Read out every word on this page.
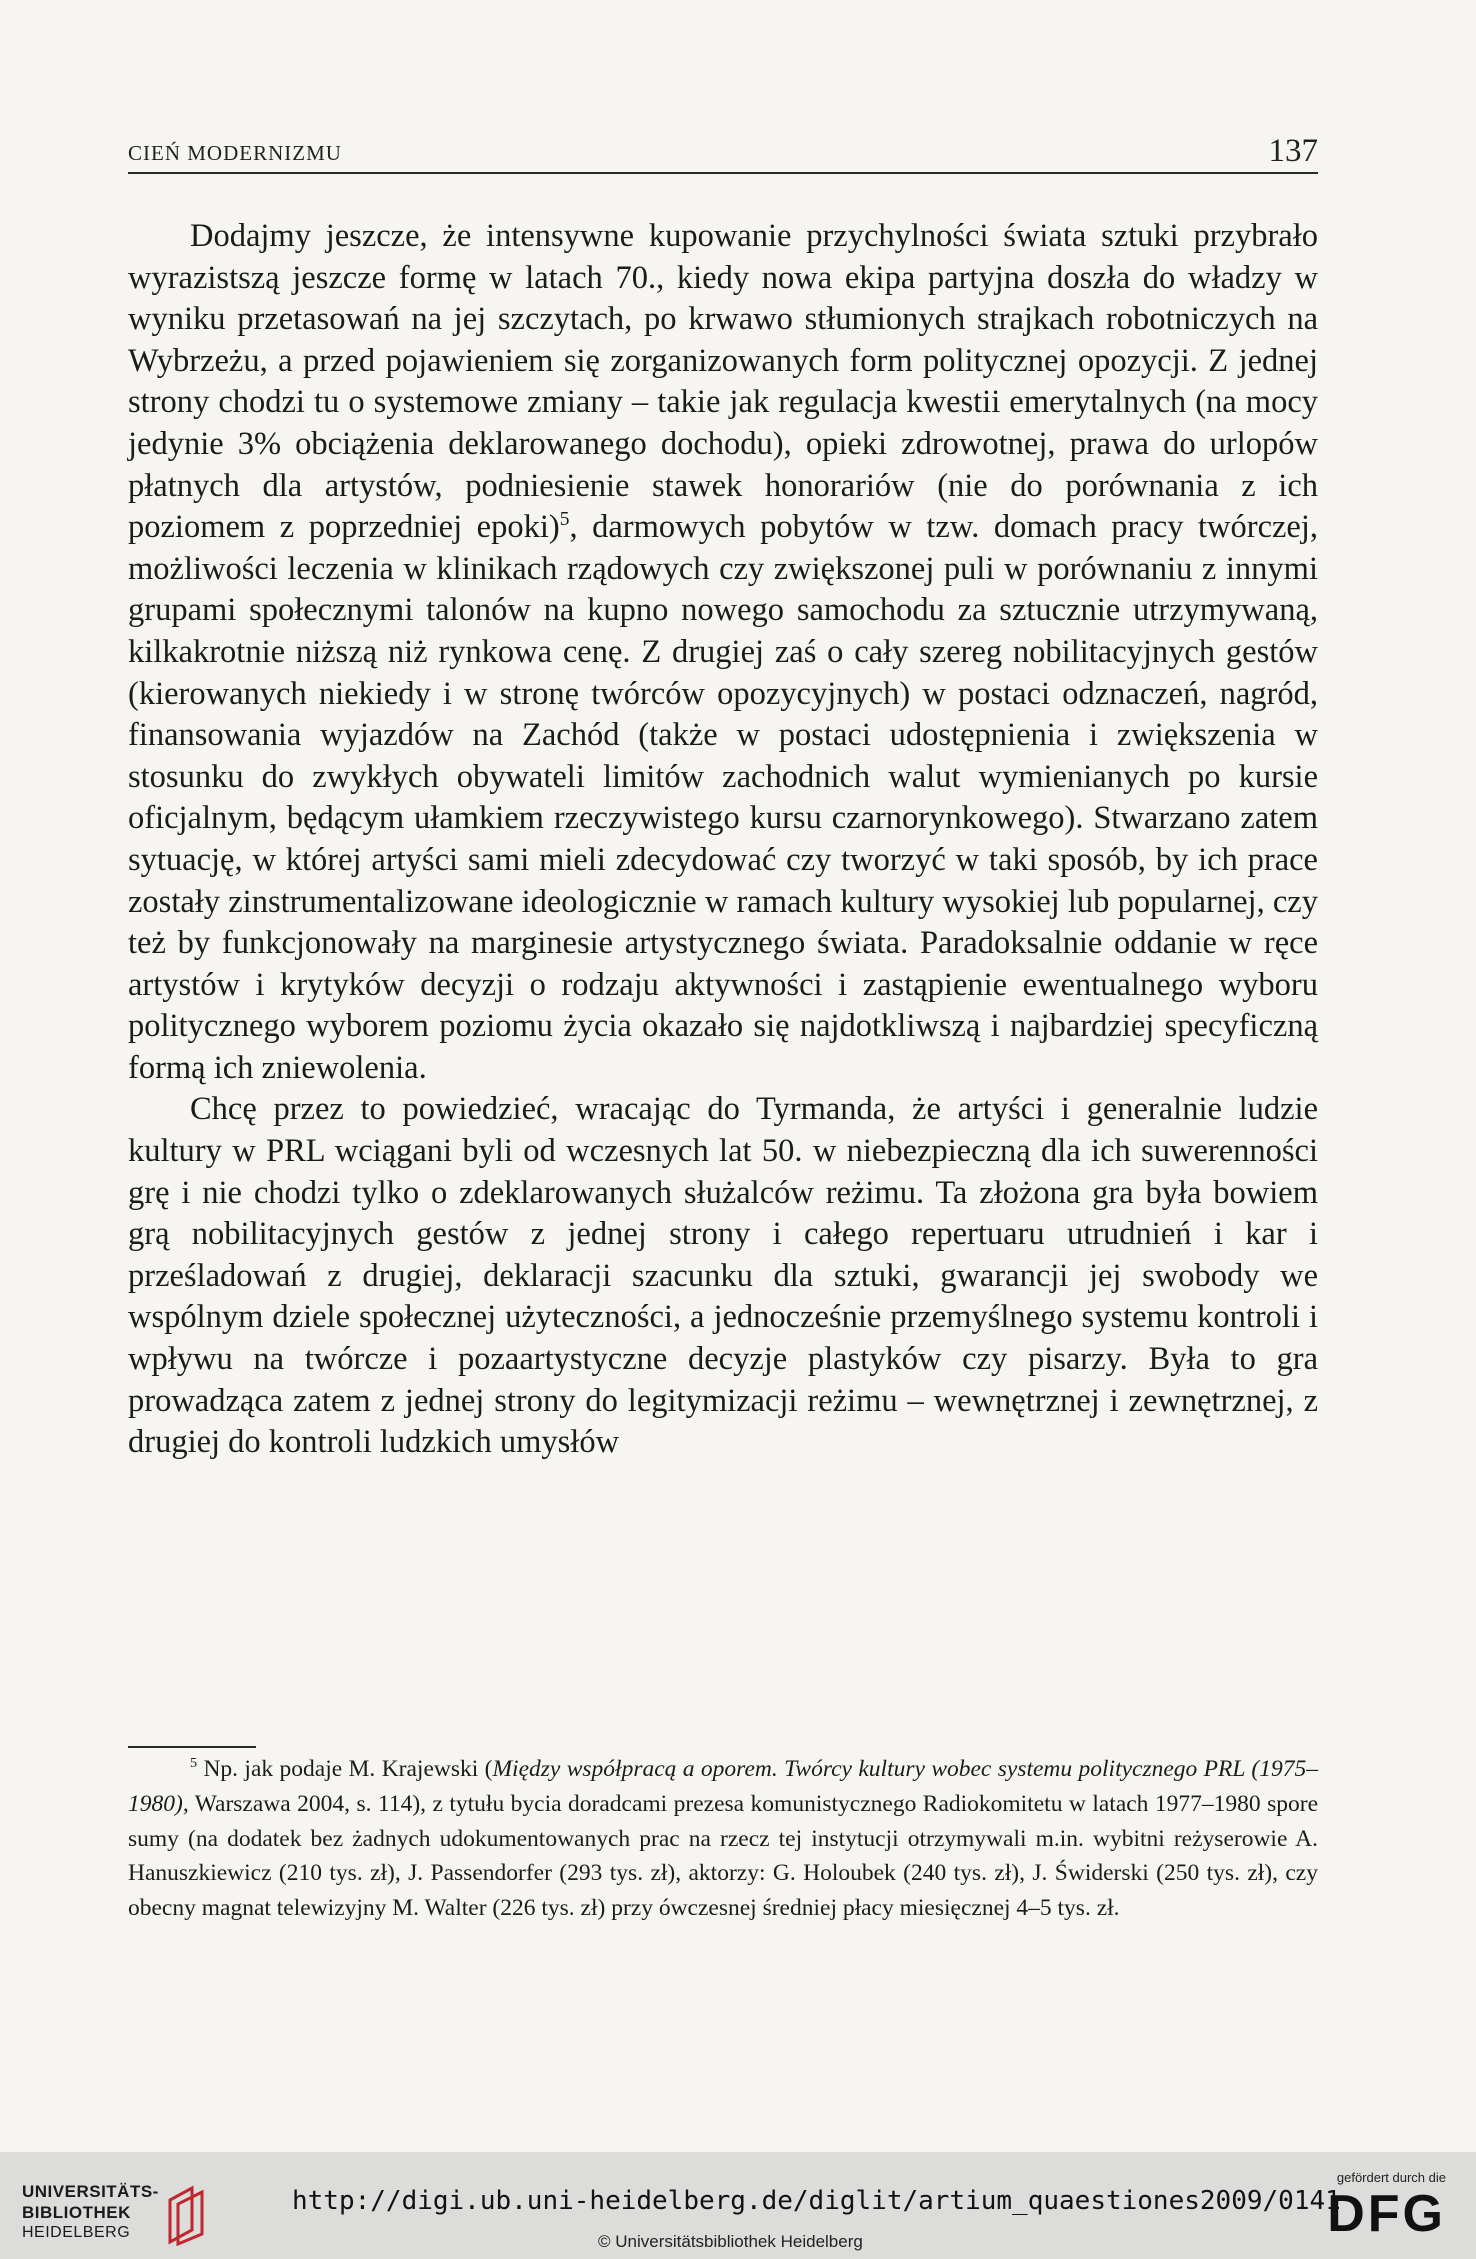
CIEŃ MODERNIZMU	137

Dodajmy jeszcze, że intensywne kupowanie przychylności świata sztuki przybrało wyrazistszą jeszcze formę w latach 70., kiedy nowa ekipa partyjna doszła do władzy w wyniku przetasowań na jej szczytach, po krwawo stłumionych strajkach robotniczych na Wybrzeżu, a przed pojawieniem się zorganizowanych form politycznej opozycji. Z jednej strony chodzi tu o systemowe zmiany – takie jak regulacja kwestii emerytalnych (na mocy jedynie 3% obciążenia deklarowanego dochodu), opieki zdrowotnej, prawa do urlopów płatnych dla artystów, podniesienie stawek honorariów (nie do porównania z ich poziomem z poprzedniej epoki)$^5$, darmowych pobytów w tzw. domach pracy twórczej, możliwości leczenia w klinikach rządowych czy zwiększonej puli w porównaniu z innymi grupami społecznymi talonów na kupno nowego samochodu za sztucznie utrzymywaną, kilkakrotnie niższą niż rynkowa cenę. Z drugiej zaś o cały szereg nobilitacyjnych gestów (kierowanych niekiedy i w stronę twórców opozycyjnych) w postaci odznaczeń, nagród, finansowania wyjazdów na Zachód (także w postaci udostępnienia i zwiększenia w stosunku do zwykłych obywateli limitów zachodnich walut wymienianych po kursie oficjalnym, będącym ułamkiem rzeczywistego kursu czarnorynkowego). Stwarzano zatem sytuację, w której artyści sami mieli zdecydować czy tworzyć w taki sposób, by ich prace zostały zinstrumentalizowane ideologicznie w ramach kultury wysokiej lub popularnej, czy też by funkcjonowały na marginesie artystycznego świata. Paradoksalnie oddanie w ręce artystów i krytyków decyzji o rodzaju aktywności i zastąpienie ewentualnego wyboru politycznego wyborem poziomu życia okazało się najdotkliwszą i najbardziej specyficzną formą ich zniewolenia.

Chcę przez to powiedzieć, wracając do Tyrmanda, że artyści i generalnie ludzie kultury w PRL wciągani byli od wczesnych lat 50. w niebezpieczną dla ich suwerenności grę i nie chodzi tylko o zdeklarowanych służalców reżimu. Ta złożona gra była bowiem grą nobilitacyjnych gestów z jednej strony i całego repertuaru utrudnień i kar i prześladowań z drugiej, deklaracji szacunku dla sztuki, gwarancji jej swobody we wspólnym dziele społecznej użyteczności, a jednocześnie przemyślnego systemu kontroli i wpływu na twórcze i pozaartystyczne decyzje plastyków czy pisarzy. Była to gra prowadząca zatem z jednej strony do legitymizacji reżimu – wewnętrznej i zewnętrznej, z drugiej do kontroli ludzkich umysłów

$^5$ Np. jak podaje M. Krajewski (Między współpracą a oporem. Twórcy kultury wobec systemu politycznego PRL (1975–1980), Warszawa 2004, s. 114), z tytułu bycia doradcami prezesa komunistycznego Radiokomitetu w latach 1977–1980 spore sumy (na dodatek bez żadnych udokumentowanych prac na rzecz tej instytucji otrzymywali m.in. wybitni reżyserowie A. Hanuszkiewicz (210 tys. zł), J. Passendorfer (293 tys. zł), aktorzy: G. Holoubek (240 tys. zł), J. Świderski (250 tys. zł), czy obecny magnat telewizyjny M. Walter (226 tys. zł) przy ówczesnej średniej płacy miesięcznej 4–5 tys. zł.
UNIVERSITÄTS-
BIBLIOTHEK
HEIDELBERG
http://digi.ub.uni-heidelberg.de/diglit/artium_quaestiones2009/0141
© Universitätsbibliothek Heidelberg
gefördert durch die
DFG
